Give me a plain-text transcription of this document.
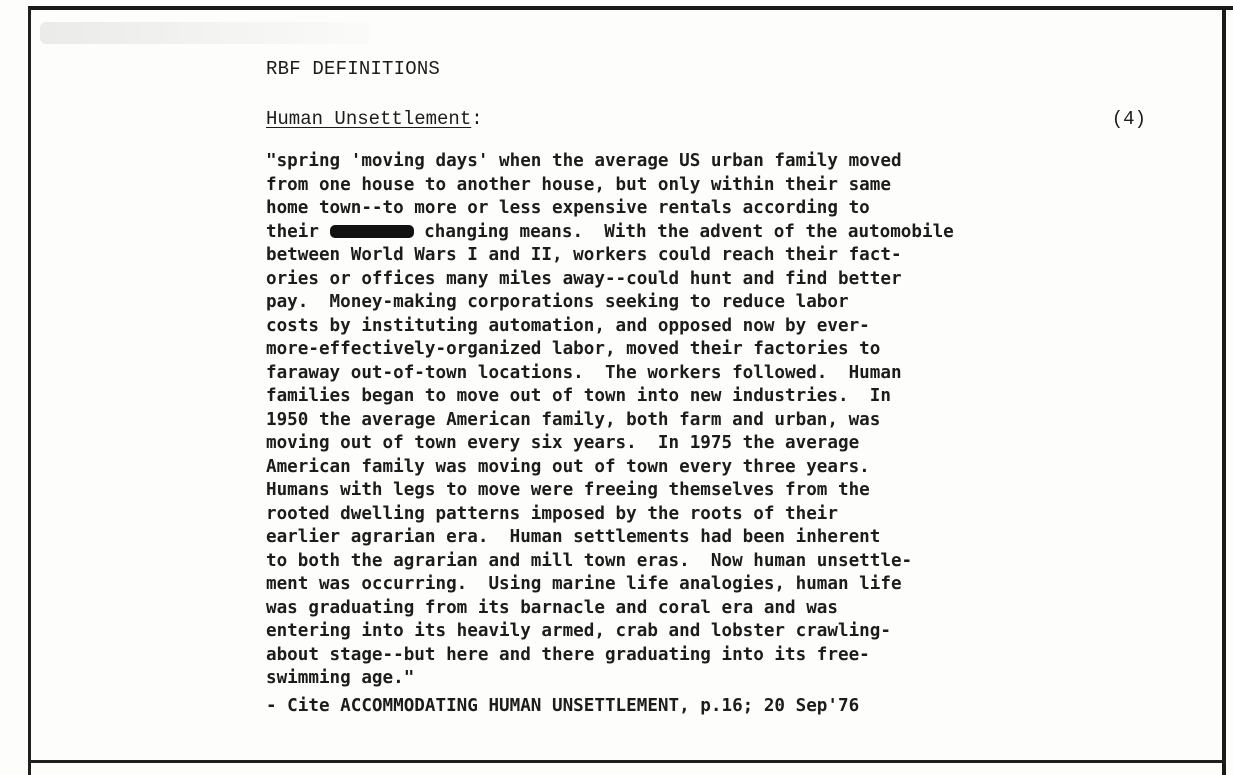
RBF DEFINITIONS
Human Unsettlement:	(4)
"spring 'moving days' when the average US urban family moved
from one house to another house, but only within their same
home town--to more or less expensive rentals according to
their	changing means.  With the advent of the automobile
between World Wars I and II, workers could reach their fact-
ories or offices many miles away--could hunt and find better
pay.  Money-making corporations seeking to reduce labor
costs by instituting automation, and opposed now by ever-
more-effectively-organized labor, moved their factories to
faraway out-of-town locations.  The workers followed.  Human
families began to move out of town into new industries.  In
1950 the average American family, both farm and urban, was
moving out of town every six years.  In 1975 the average
American family was moving out of town every three years.
Humans with legs to move were freeing themselves from the
rooted dwelling patterns imposed by the roots of their
earlier agrarian era.  Human settlements had been inherent
to both the agrarian and mill town eras.  Now human unsettle-
ment was occurring.  Using marine life analogies, human life
was graduating from its barnacle and coral era and was
entering into its heavily armed, crab and lobster crawling-
about stage--but here and there graduating into its free-
swimming age."
- Cite ACCOMMODATING HUMAN UNSETTLEMENT, p.16; 20 Sep'76
